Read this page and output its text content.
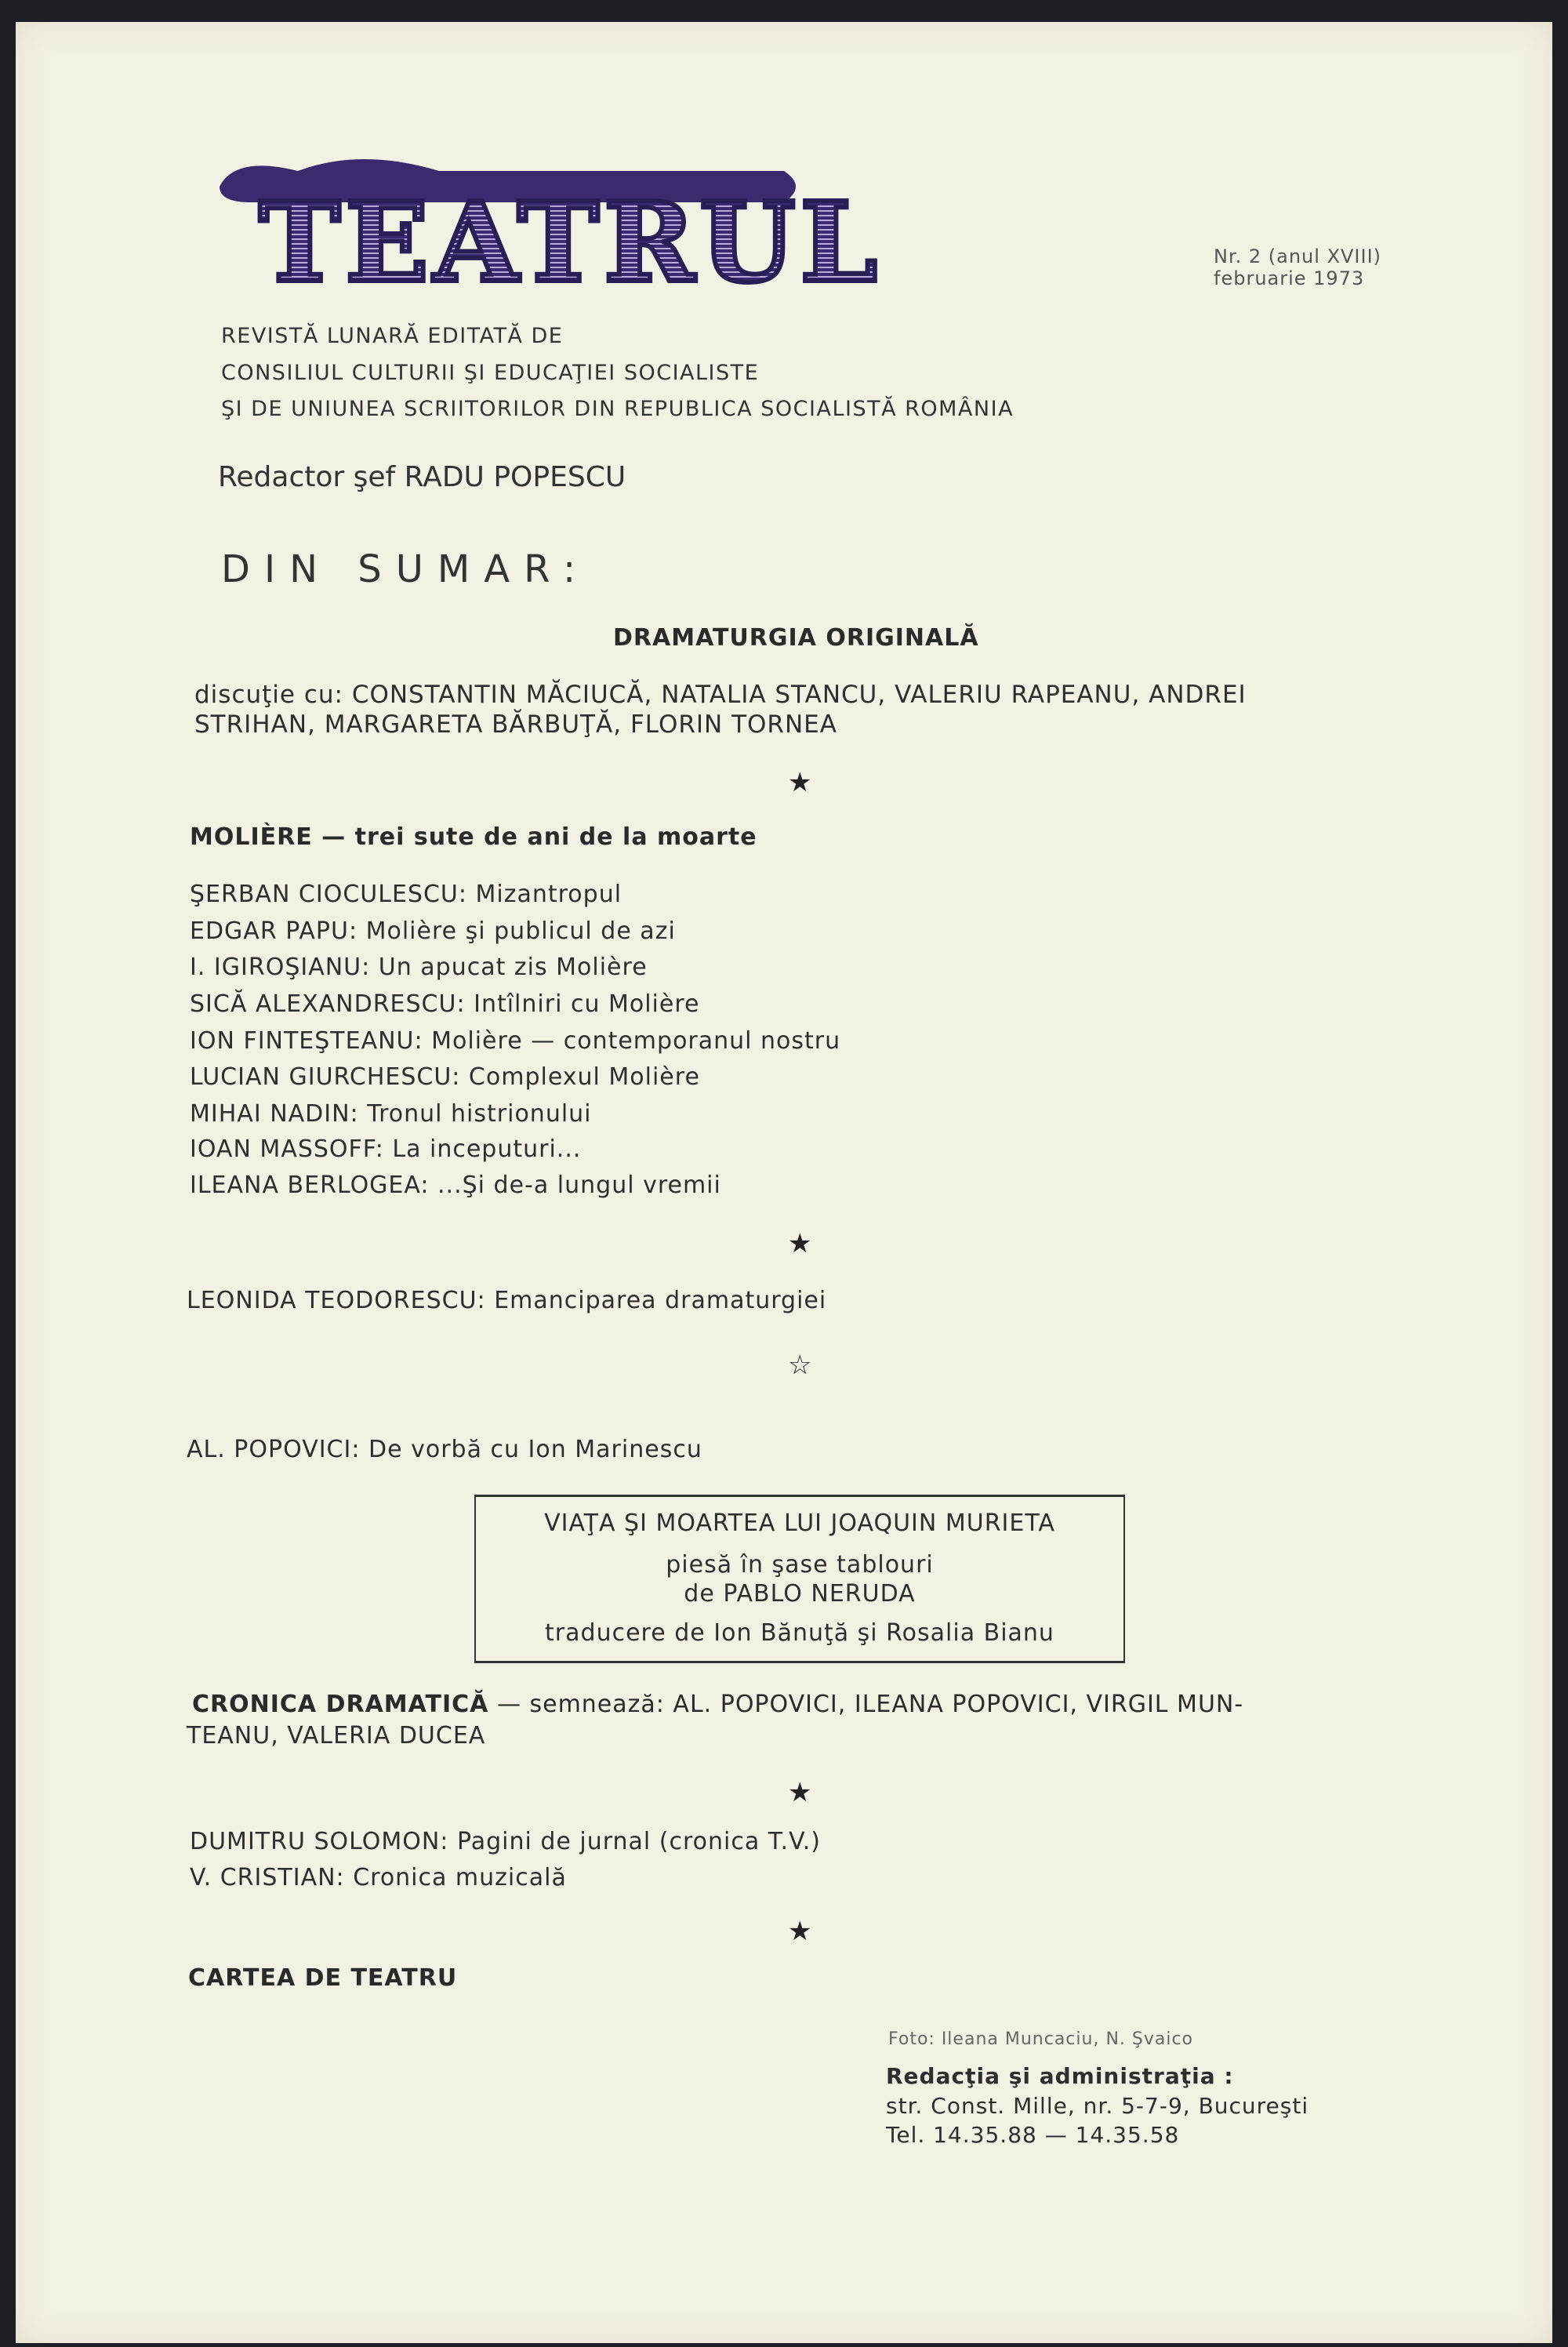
TEATRUL	Nr. 2 (anul XVIII)
februarie 1973
REVISTĂ LUNARĂ EDITATĂ DE
CONSILIUL CULTURII ŞI EDUCAŢIEI SOCIALISTE
ŞI DE UNIUNEA SCRIITORILOR DIN REPUBLICA SOCIALISTĂ ROMÂNIA
Redactor şef RADU POPESCU
DIN SUMAR:
DRAMATURGIA ORIGINALĂ
discuţie cu: CONSTANTIN MĂCIUCĂ, NATALIA STANCU, VALERIU RAPEANU, ANDREI
STRIHAN, MARGARETA BĂRBUŢĂ, FLORIN TORNEA
★
MOLIÈRE — trei sute de ani de la moarte
ŞERBAN CIOCULESCU: Mizantropul
EDGAR PAPU: Molière şi publicul de azi
I. IGIROŞIANU: Un apucat zis Molière
SICĂ ALEXANDRESCU: Intîlniri cu Molière
ION FINTEŞTEANU: Molière — contemporanul nostru
LUCIAN GIURCHESCU: Complexul Molière
MIHAI NADIN: Tronul histrionului
IOAN MASSOFF: La inceputuri...
ILEANA BERLOGEA: ...Şi de-a lungul vremii
★
LEONIDA TEODORESCU: Emanciparea dramaturgiei
☆
AL. POPOVICI: De vorbă cu Ion Marinescu
VIAŢA ŞI MOARTEA LUI JOAQUIN MURIETA
piesă în şase tablouri
de PABLO NERUDA
traducere de Ion Bănuţă şi Rosalia Bianu
CRONICA DRAMATICĂ — semnează: AL. POPOVICI, ILEANA POPOVICI, VIRGIL MUN-
TEANU, VALERIA DUCEA
★
DUMITRU SOLOMON: Pagini de jurnal (cronica T.V.)
V. CRISTIAN: Cronica muzicală
★
CARTEA DE TEATRU
Foto: Ileana Muncaciu, N. Şvaico
Redacţia şi administraţia :
str. Const. Mille, nr. 5-7-9, Bucureşti
Tel. 14.35.88 — 14.35.58
